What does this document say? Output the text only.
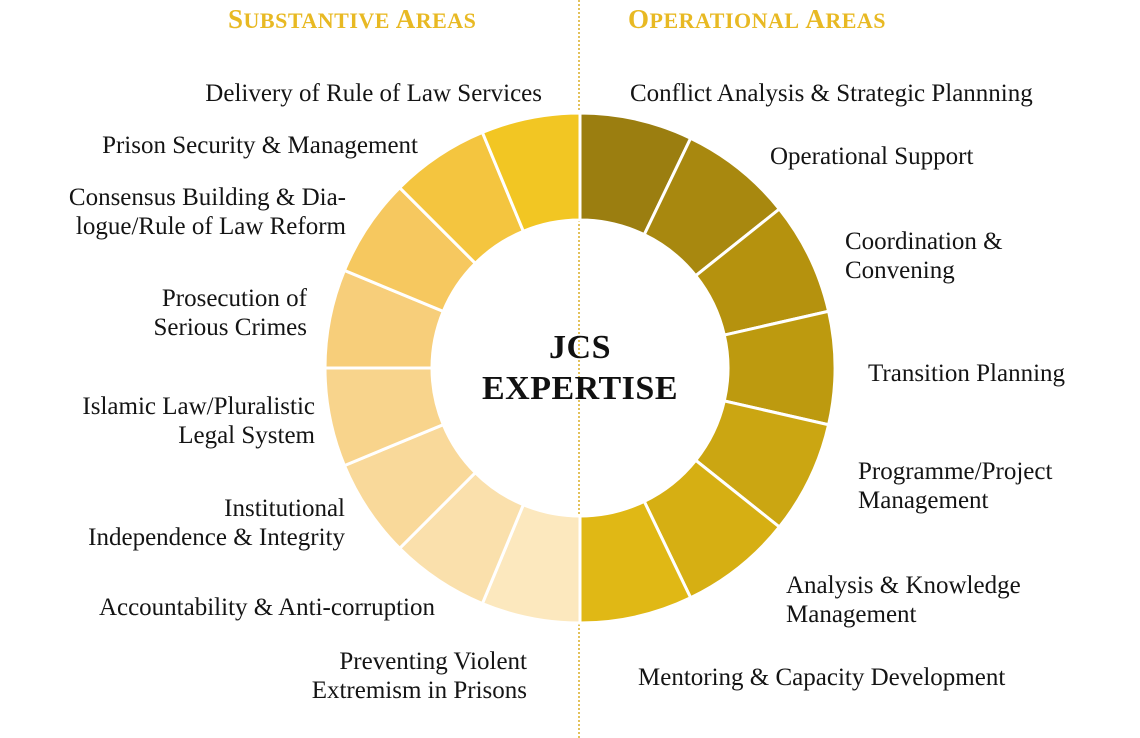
SUBSTANTIVE AREAS	OPERATIONAL AREAS
JCS
EXPERTISE
Delivery of Rule of Law Services
Prison Security & Management
Consensus Building & Dia-
logue/Rule of Law Reform
Prosecution of
Serious Crimes
Islamic Law/Pluralistic
Legal System
Institutional
Independence & Integrity
Accountability & Anti-corruption
Preventing Violent
Extremism in Prisons
Conflict Analysis & Strategic Plannning
Operational Support
Coordination &
Convening
Transition Planning
Programme/Project
Management
Analysis & Knowledge
Management
Mentoring & Capacity Development
